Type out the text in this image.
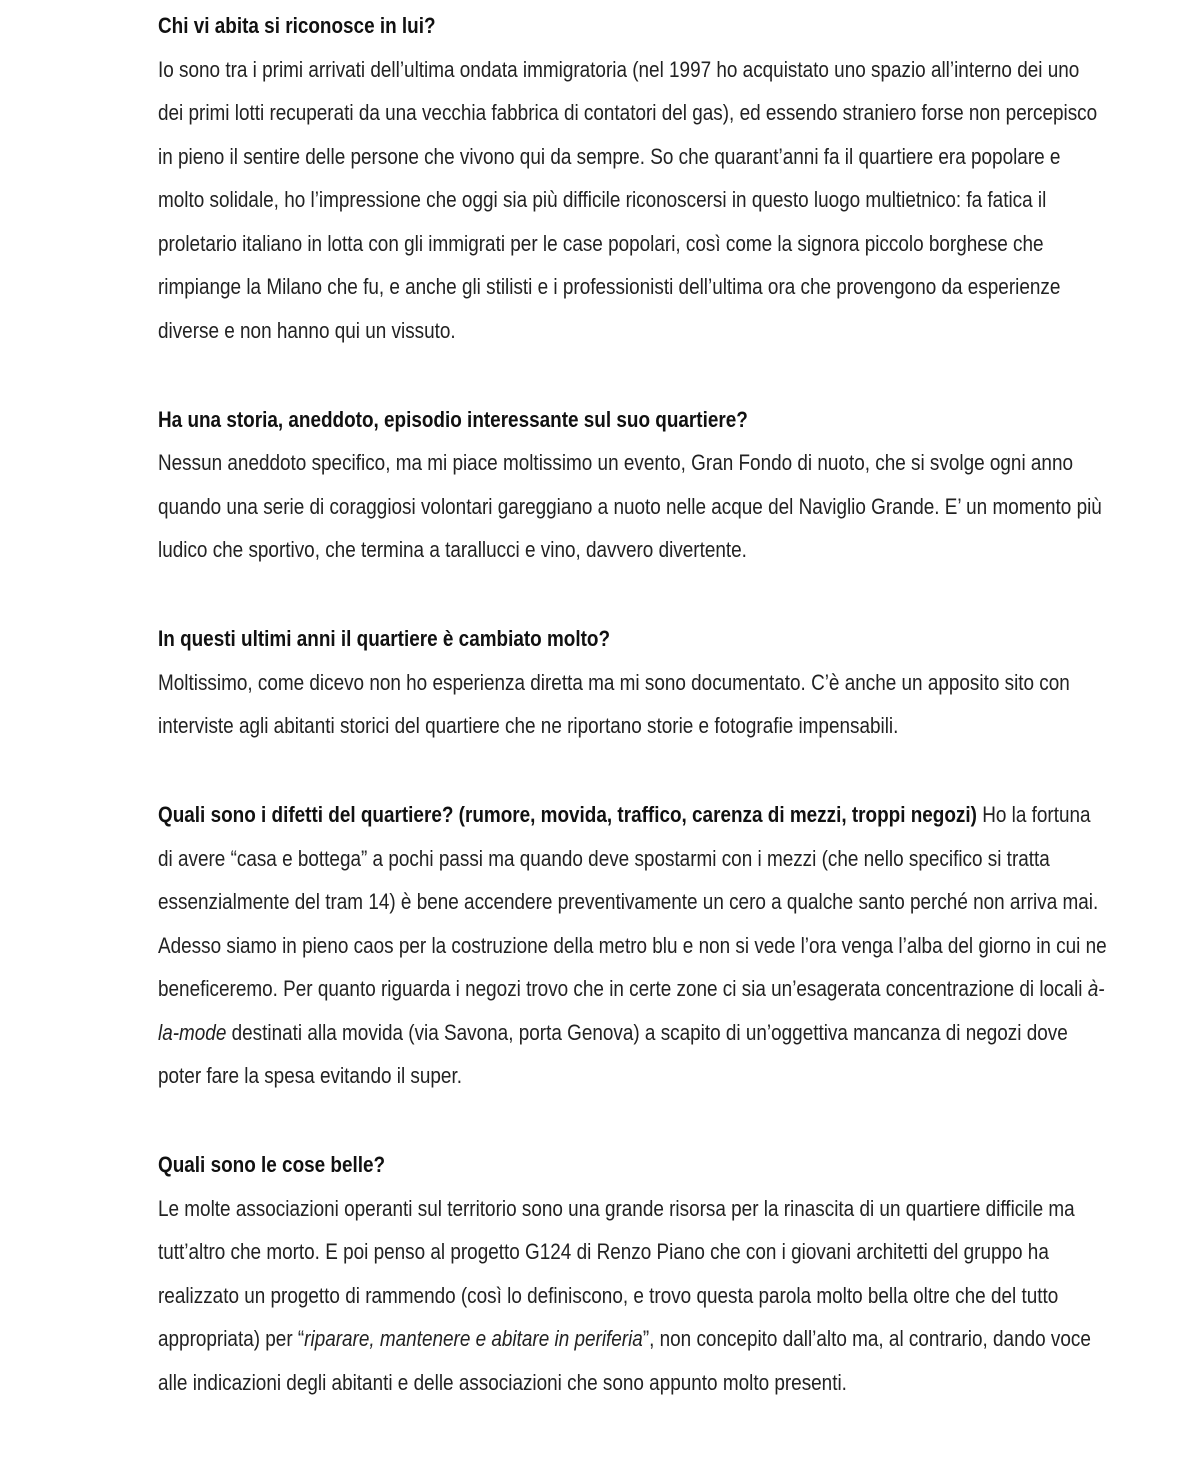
Chi vi abita si riconosce in lui?
Io sono tra i primi arrivati dell’ultima ondata immigratoria (nel 1997 ho acquistato uno spazio all’interno dei uno dei primi lotti recuperati da una vecchia fabbrica di contatori del gas), ed essendo straniero forse non percepisco in pieno il sentire delle persone che vivono qui da sempre. So che quarant’anni fa il quartiere era popolare e molto solidale, ho l’impressione che oggi sia più difficile riconoscersi in questo luogo multietnico: fa fatica il proletario italiano in lotta con gli immigrati per le case popolari, così come la signora piccolo borghese che rimpiange la Milano che fu, e anche gli stilisti e i professionisti dell’ultima ora che provengono da esperienze diverse e non hanno qui un vissuto.
Ha una storia, aneddoto, episodio interessante sul suo quartiere?
Nessun aneddoto specifico, ma mi piace moltissimo un evento, Gran Fondo di nuoto, che si svolge ogni anno quando una serie di coraggiosi volontari gareggiano a nuoto nelle acque del Naviglio Grande. E’ un momento più ludico che sportivo, che termina a tarallucci e vino, davvero divertente.
In questi ultimi anni il quartiere è cambiato molto?
Moltissimo, come dicevo non ho esperienza diretta ma mi sono documentato. C’è anche un apposito sito con interviste agli abitanti storici del quartiere che ne riportano storie e fotografie impensabili.
Quali sono i difetti del quartiere? (rumore, movida, traffico, carenza di mezzi, troppi negozi) Ho la fortuna di avere “casa e bottega” a pochi passi ma quando deve spostarmi con i mezzi (che nello specifico si tratta essenzialmente del tram 14) è bene accendere preventivamente un cero a qualche santo perché non arriva mai. Adesso siamo in pieno caos per la costruzione della metro blu e non si vede l’ora venga l’alba del giorno in cui ne beneficeremo. Per quanto riguarda i negozi trovo che in certe zone ci sia un’esagerata concentrazione di locali à-la-mode destinati alla movida (via Savona, porta Genova) a scapito di un’oggettiva mancanza di negozi dove poter fare la spesa evitando il super.
Quali sono le cose belle?
Le molte associazioni operanti sul territorio sono una grande risorsa per la rinascita di un quartiere difficile ma tutt’altro che morto. E poi penso al progetto G124 di Renzo Piano che con i giovani architetti del gruppo ha realizzato un progetto di rammendo (così lo definiscono, e trovo questa parola molto bella oltre che del tutto appropriata) per “riparare, mantenere e abitare in periferia”, non concepito dall’alto ma, al contrario, dando voce alle indicazioni degli abitanti e delle associazioni che sono appunto molto presenti.
